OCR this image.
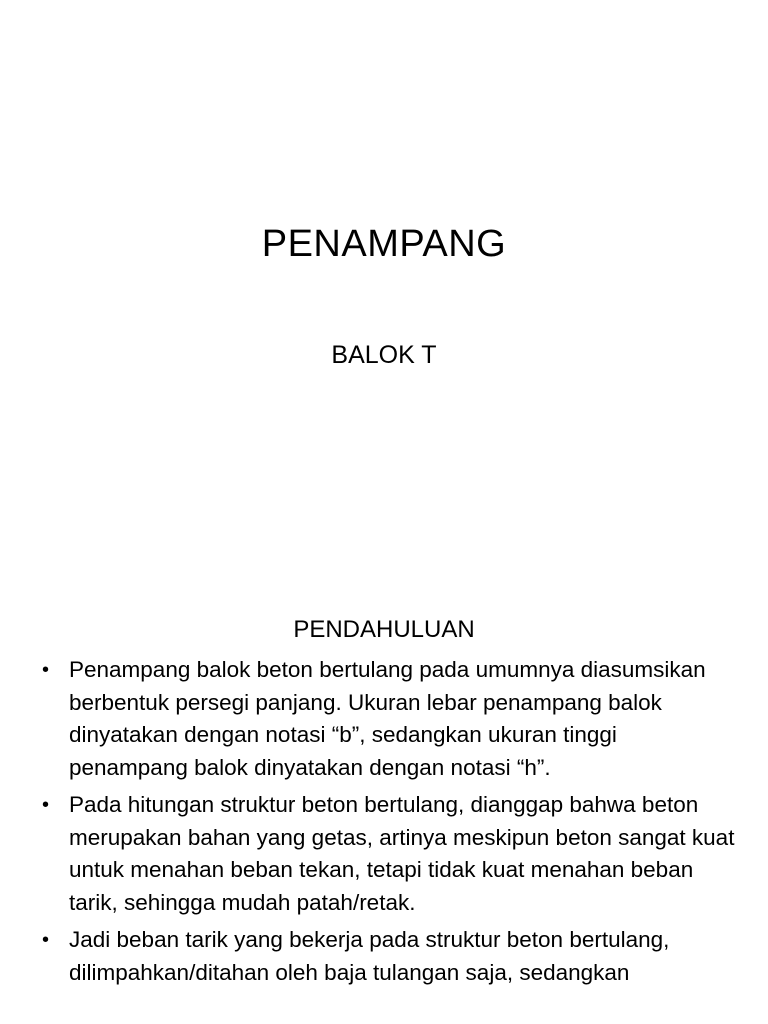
PENAMPANG
BALOK T
PENDAHULUAN
• Penampang balok beton bertulang pada umumnya diasumsikan berbentuk persegi panjang. Ukuran lebar penampang balok dinyatakan dengan notasi “b”, sedangkan ukuran tinggi penampang balok dinyatakan dengan notasi “h”.
• Pada hitungan struktur beton bertulang, dianggap bahwa beton merupakan bahan yang getas, artinya meskipun beton sangat kuat untuk menahan beban tekan, tetapi tidak kuat menahan beban tarik, sehingga mudah patah/retak.
• Jadi beban tarik yang bekerja pada struktur beton bertulang, dilimpahkan/ditahan oleh baja tulangan saja, sedangkan
